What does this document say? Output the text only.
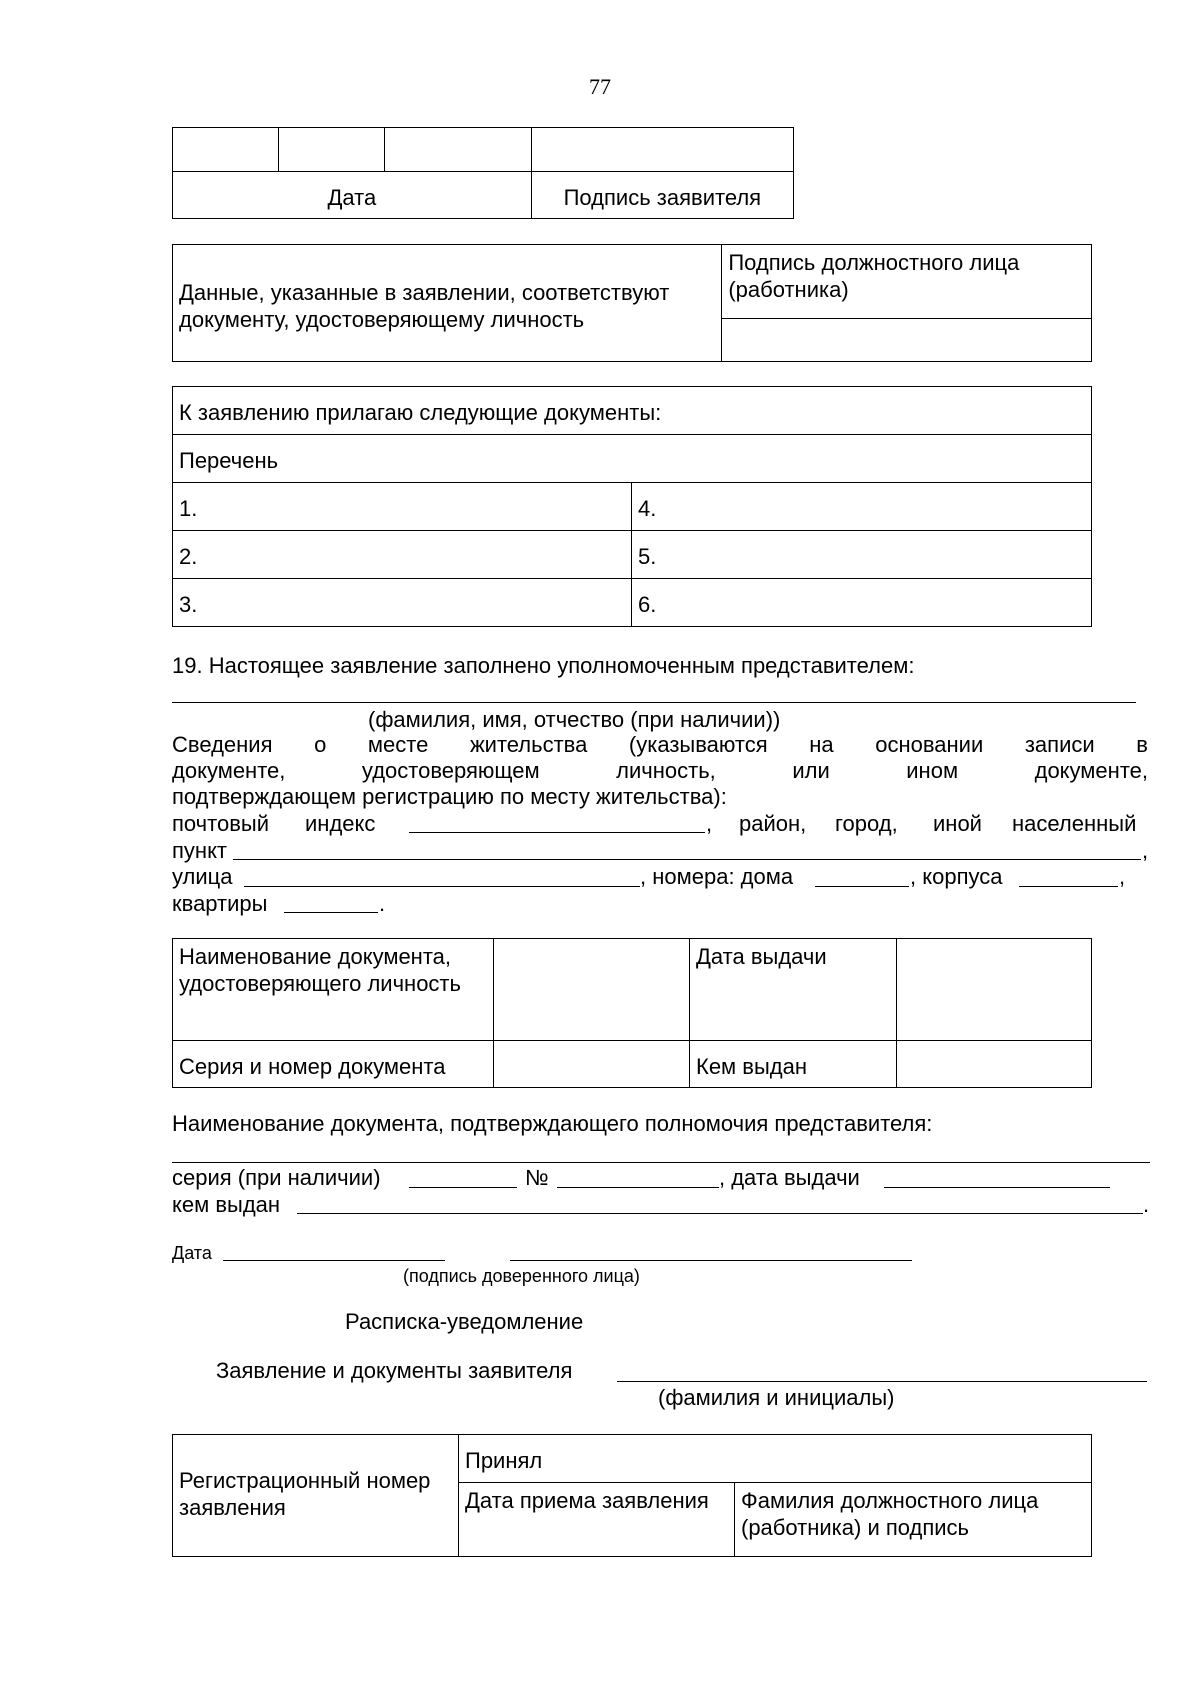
77

Дата			Подпись заявителя
Данные, указанные в заявлении, соответствуют документу, удостоверяющему личность	Подпись должностного лица (работника)

К заявлению прилагаю следующие документы:	
Перечень	
1.	4.
2.	5.
3.	6.
19. Настоящее заявление заполнено уполномоченным представителем:
(фамилия, имя, отчество (при наличии))
Сведения о месте жительства (указываются на основании записи в
документе,	удостоверяющем	личность,	или	ином	документе,
подтверждающем регистрацию по месту жительства):
почтовый индекс	, район, город, иной населенный
пункт	,
улица	, номера: дома	, корпуса	,
квартиры	.
Наименование документа, удостоверяющего личность		Дата выдачи	
Серия и номер документа		Кем выдан	
Наименование документа, подтверждающего полномочия представителя:
серия (при наличии)	№	, дата выдачи
кем выдан	.
Дата
(подпись доверенного лица)
Расписка-уведомление
Заявление и документы заявителя
(фамилия и инициалы)
Регистрационный номер заявления	Принял	
	Дата приема заявления	Фамилия должностного лица (работника) и подпись
